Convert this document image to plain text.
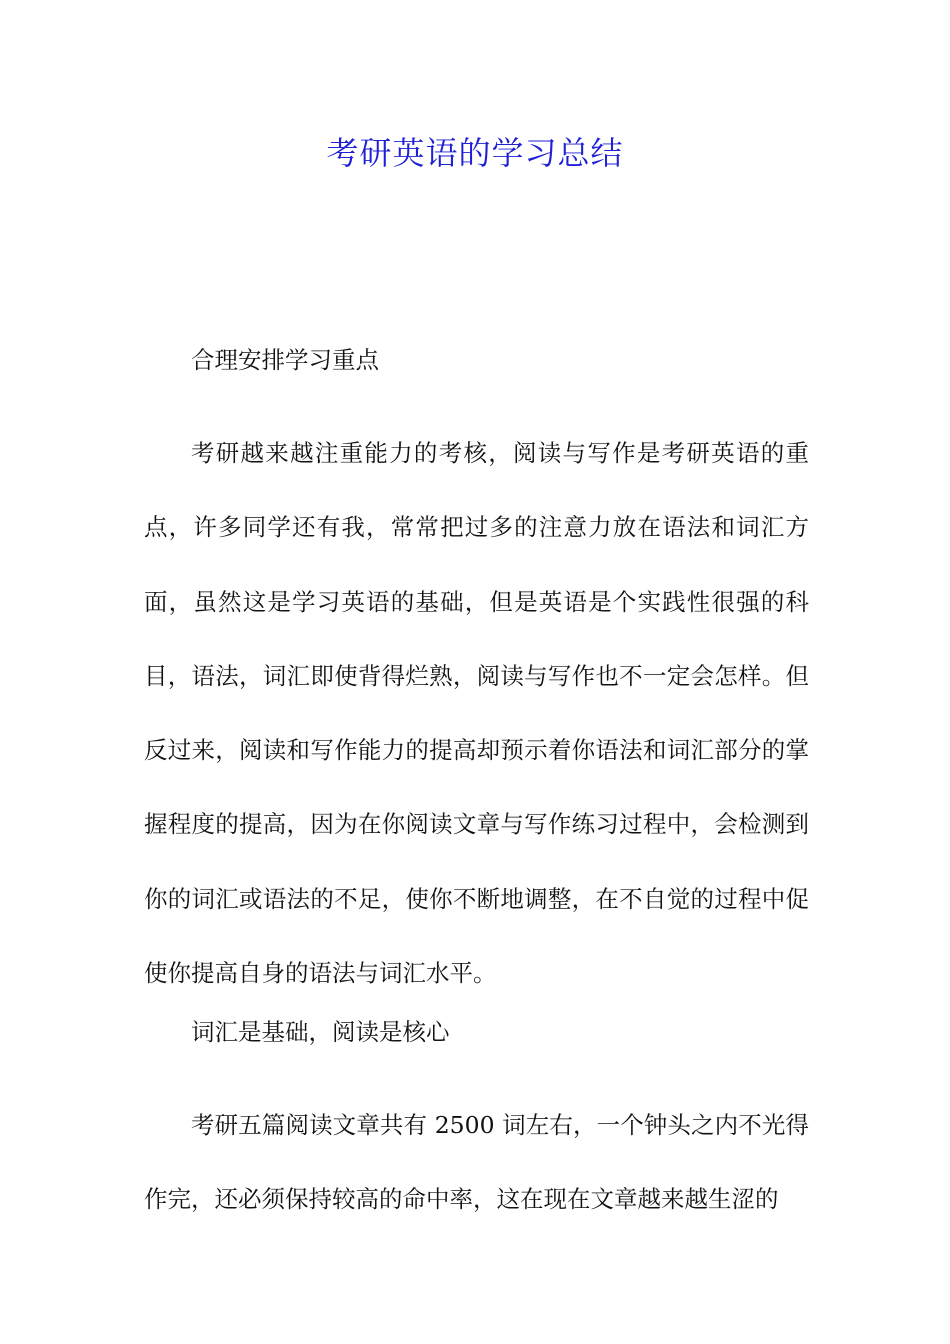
考研英语的学习总结
合理安排学习重点
考研越来越注重能力的考核，阅读与写作是考研英语的重点，许多同学还有我，常常把过多的注意力放在语法和词汇方面，虽然这是学习英语的基础，但是英语是个实践性很强的科目，语法，词汇即使背得烂熟，阅读与写作也不一定会怎样。但反过来，阅读和写作能力的提高却预示着你语法和词汇部分的掌握程度的提高，因为在你阅读文章与写作练习过程中，会检测到你的词汇或语法的不足，使你不断地调整，在不自觉的过程中促使你提高自身的语法与词汇水平。
词汇是基础，阅读是核心
考研五篇阅读文章共有 2500 词左右，一个钟头之内不光得作完，还必须保持较高的命中率，这在现在文章越来越生涩的
